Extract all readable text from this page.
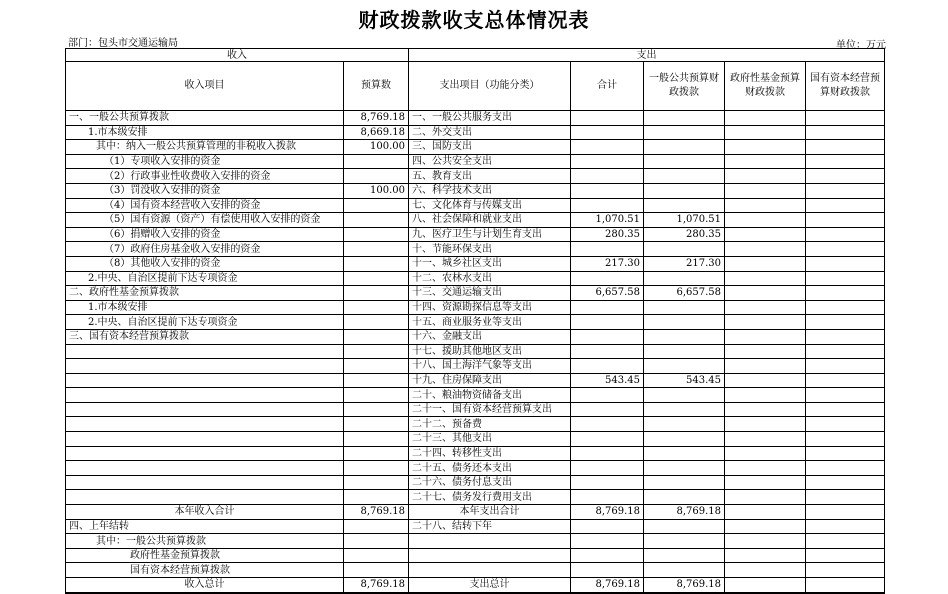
财政拨款收支总体情况表
部门：包头市交通运输局	单位：万元
收入		支出				
收入项目	预算数	支出项目（功能分类）	合计	一般公共预算财政拨款	政府性基金预算财政拨款	国有资本经营预算财政拨款
一、一般公共预算拨款	8,769.18	一、一般公共服务支出				
1.市本级安排	8,669.18	二、外交支出				
其中：纳入一般公共预算管理的非税收入拨款	100.00	三、国防支出				
（1）专项收入安排的资金		四、公共安全支出				
（2）行政事业性收费收入安排的资金		五、教育支出				
（3）罚没收入安排的资金	100.00	六、科学技术支出				
（4）国有资本经营收入安排的资金		七、文化体育与传媒支出				
（5）国有资源（资产）有偿使用收入安排的资金		八、社会保障和就业支出	1,070.51	1,070.51		
（6）捐赠收入安排的资金		九、医疗卫生与计划生育支出	280.35	280.35		
（7）政府住房基金收入安排的资金		十、节能环保支出				
（8）其他收入安排的资金		十一、城乡社区支出	217.30	217.30		
2.中央、自治区提前下达专项资金		十二、农林水支出				
二、政府性基金预算拨款		十三、交通运输支出	6,657.58	6,657.58		
1.市本级安排		十四、资源勘探信息等支出				
2.中央、自治区提前下达专项资金		十五、商业服务业等支出				
三、国有资本经营预算拨款		十六、金融支出				
		十七、援助其他地区支出				
		十八、国土海洋气象等支出				
		十九、住房保障支出	543.45	543.45		
		二十、粮油物资储备支出				
		二十一、国有资本经营预算支出				
		二十二、预备费				
		二十三、其他支出				
		二十四、转移性支出				
		二十五、债务还本支出				
		二十六、债务付息支出				
		二十七、债务发行费用支出				
本年收入合计	8,769.18	本年支出合计	8,769.18	8,769.18		
四、上年结转		二十八、结转下年				
其中：一般公共预算拨款						
政府性基金预算拨款						
国有资本经营预算拨款						
收入总计	8,769.18	支出总计	8,769.18	8,769.18		
